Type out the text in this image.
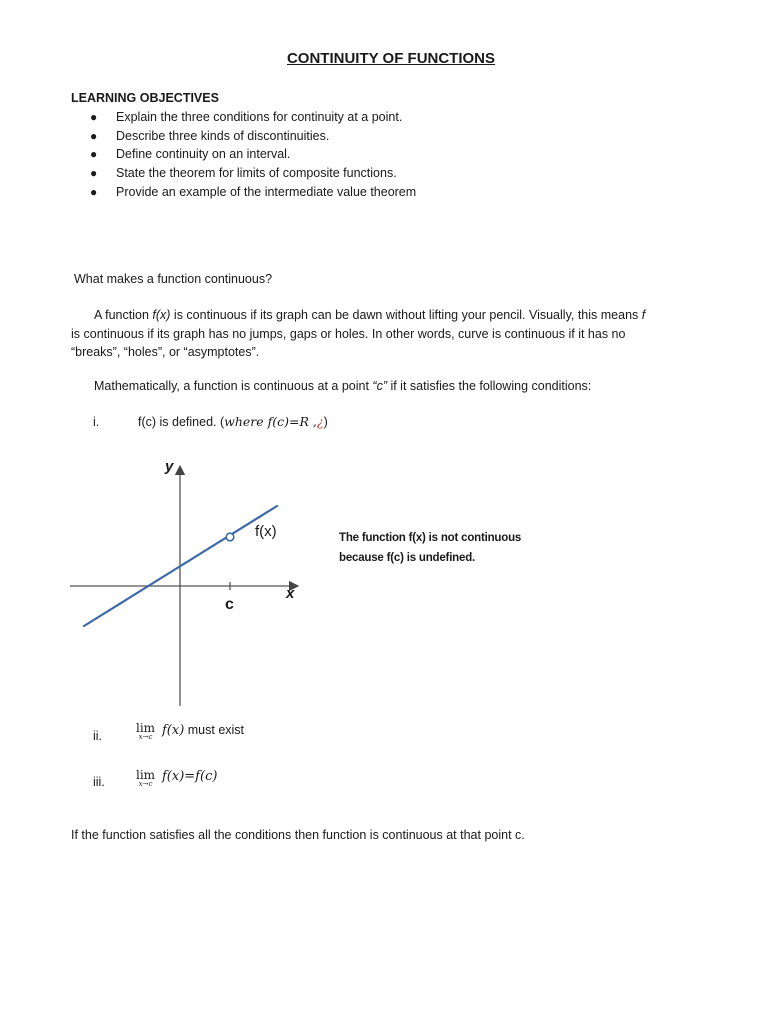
CONTINUITY OF FUNCTIONS
LEARNING OBJECTIVES
● Explain the three conditions for continuity at a point.
● Describe three kinds of discontinuities.
● Define continuity on an interval.
● State the theorem for limits of composite functions.
● Provide an example of the intermediate value theorem
What makes a function continuous?
A function f(x) is continuous if its graph can be dawn without lifting your pencil. Visually, this means f
is continuous if its graph has no jumps, gaps or holes. In other words, curve is continuous if it has no
“breaks”, “holes”, or “asymptotes”.
Mathematically, a function is continuous at a point “c” if it satisfies the following conditions:
i.	f(c) is defined. (where f(c)=R ,¿)
y
x
c
f(x)	The function f(x) is not continuous
because f(c) is undefined.
ii.
lim
x→c f(x) must exist
iii.	lim
x→c f(x)=f(c)
If the function satisfies all the conditions then function is continuous at that point c.
